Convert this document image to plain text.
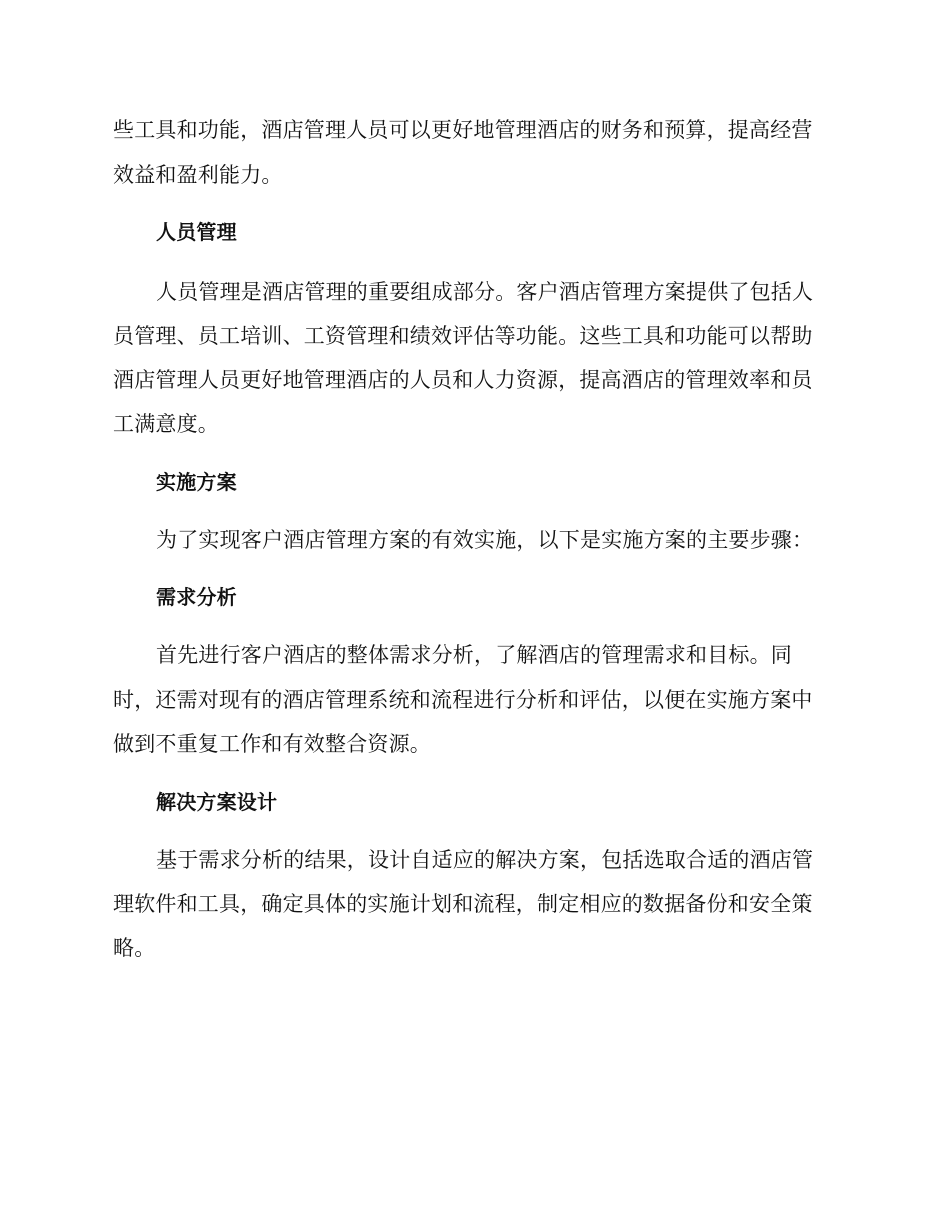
些工具和功能，酒店管理人员可以更好地管理酒店的财务和预算，提高经营
效益和盈利能力。
人员管理
人员管理是酒店管理的重要组成部分。客户酒店管理方案提供了包括人
员管理、员工培训、工资管理和绩效评估等功能。这些工具和功能可以帮助
酒店管理人员更好地管理酒店的人员和人力资源，提高酒店的管理效率和员
工满意度。
实施方案
为了实现客户酒店管理方案的有效实施，以下是实施方案的主要步骤：
需求分析
首先进行客户酒店的整体需求分析，了解酒店的管理需求和目标。同
时，还需对现有的酒店管理系统和流程进行分析和评估，以便在实施方案中
做到不重复工作和有效整合资源。
解决方案设计
基于需求分析的结果，设计自适应的解决方案，包括选取合适的酒店管
理软件和工具，确定具体的实施计划和流程，制定相应的数据备份和安全策
略。
